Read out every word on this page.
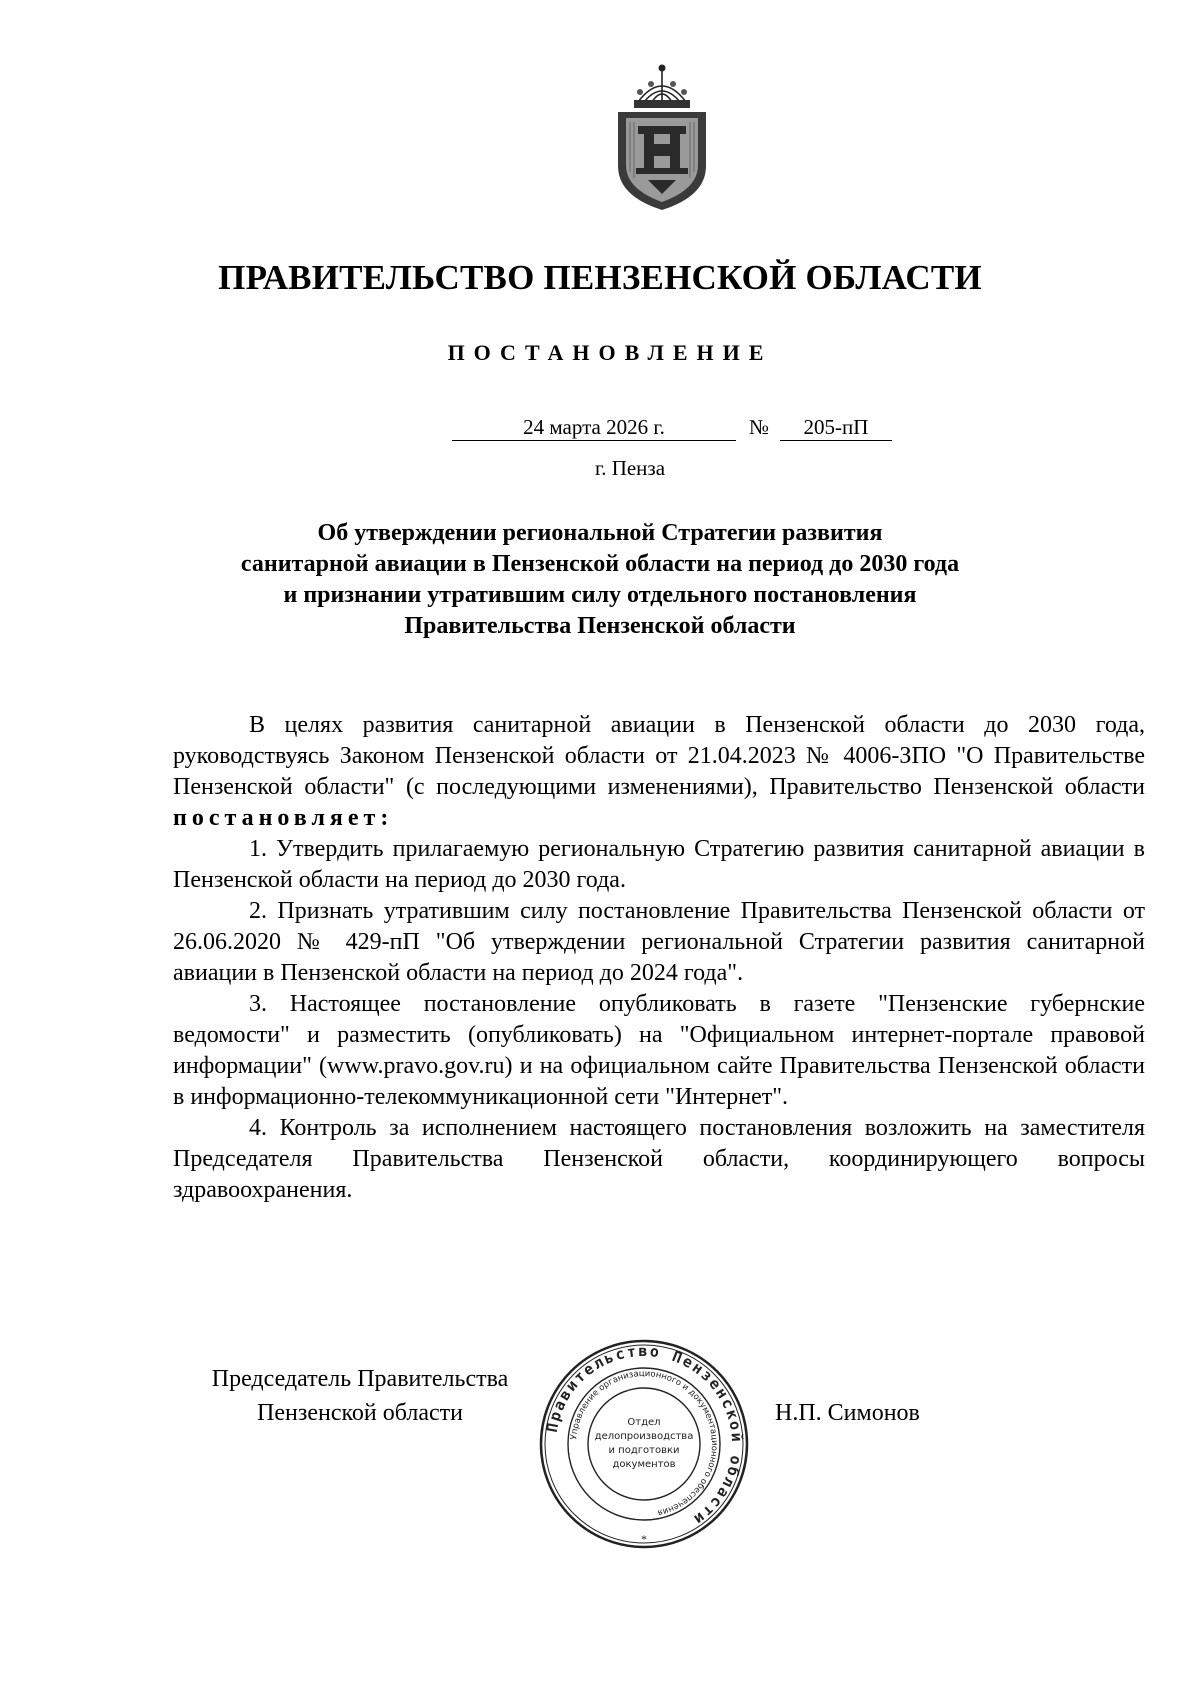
ПРАВИТЕЛЬСТВО ПЕНЗЕНСКОЙ ОБЛАСТИ
ПОСТАНОВЛЕНИЕ
24 марта 2026 г.	№	205-пП
г. Пенза
Об утверждении региональной Стратегии развития
санитарной авиации в Пензенской области на период до 2030 года
и признании утратившим силу отдельного постановления
Правительства Пензенской области

В целях развития санитарной авиации в Пензенской области до 2030 года, руководствуясь Законом Пензенской области от 21.04.2023 № 4006-ЗПО "О Правительстве Пензенской области" (с последующими изменениями), Правительство Пензенской области постановляет:

1. Утвердить прилагаемую региональную Стратегию развития санитарной авиации в Пензенской области на период до 2030 года.

2. Признать утратившим силу постановление Правительства Пензенской области от 26.06.2020 № 429-пП "Об утверждении региональной Стратегии развития санитарной авиации в Пензенской области на период до 2024 года".

3. Настоящее постановление опубликовать в газете "Пензенские губернские ведомости" и разместить (опубликовать) на "Официальном интернет-портале правовой информации" (www.pravo.gov.ru) и на официальном сайте Правительства Пензенской области в информационно-телекоммуникационной сети "Интернет".

4. Контроль за исполнением настоящего постановления возложить на заместителя Председателя Правительства Пензенской области, координирующего вопросы здравоохранения.

Председатель Правительства
Пензенской области
Правительство Пензенской области
Управление организационного и документационного обеспечения
Отдел
делопроизводства
и подготовки
документов
*
Н.П. Симонов
